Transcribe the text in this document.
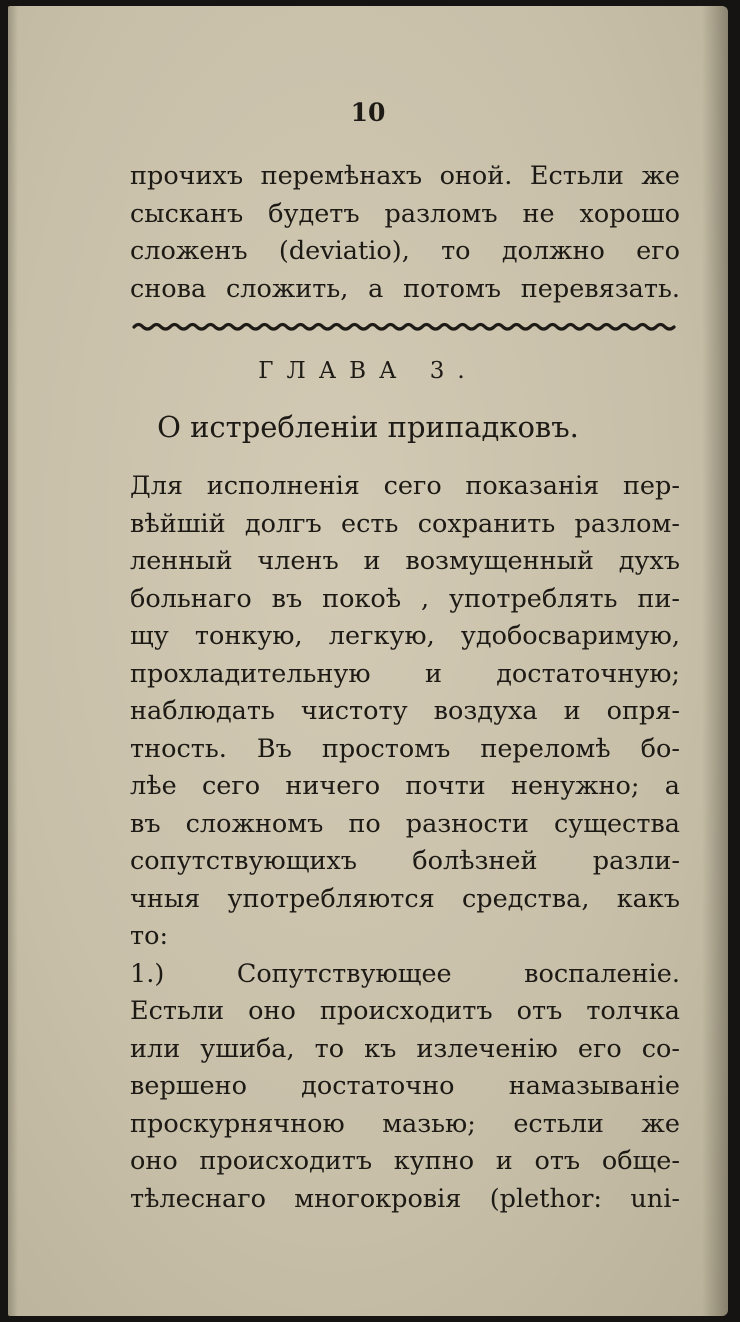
10
прочихъ перемѣнахъ оной. Естьли же
сысканъ будетъ разломъ не хорошо
сложенъ (deviatio), то должно его
снова сложить, а потомъ перевязать.
ГЛАВА 3.
О истребленіи припадковъ.
Для исполненія сего показанія пер-
вѣйшій долгъ есть сохранить разлом-
ленный членъ и возмущенный духъ
больнаго въ покоѣ , употреблять пи-
щу тонкую, легкую, удобосваримую,
прохладительную и достаточную;
наблюдать чистоту воздуха и опря-
тность. Въ простомъ переломѣ бо-
лѣе сего ничего почти ненужно; а
въ сложномъ по разности существа
сопутствующихъ болѣзней разли-
чныя употребляются средства, какъ
то:
1.)	Сопутствующее	воспаленіе.
Естьли оно происходитъ отъ толчка
или ушиба, то къ излеченію его со-
вершено достаточно намазываніе
проскурнячною мазью; естьли же
оно происходитъ купно и отъ обще-
тѣлеснаго многокровія (plethor: uni-
